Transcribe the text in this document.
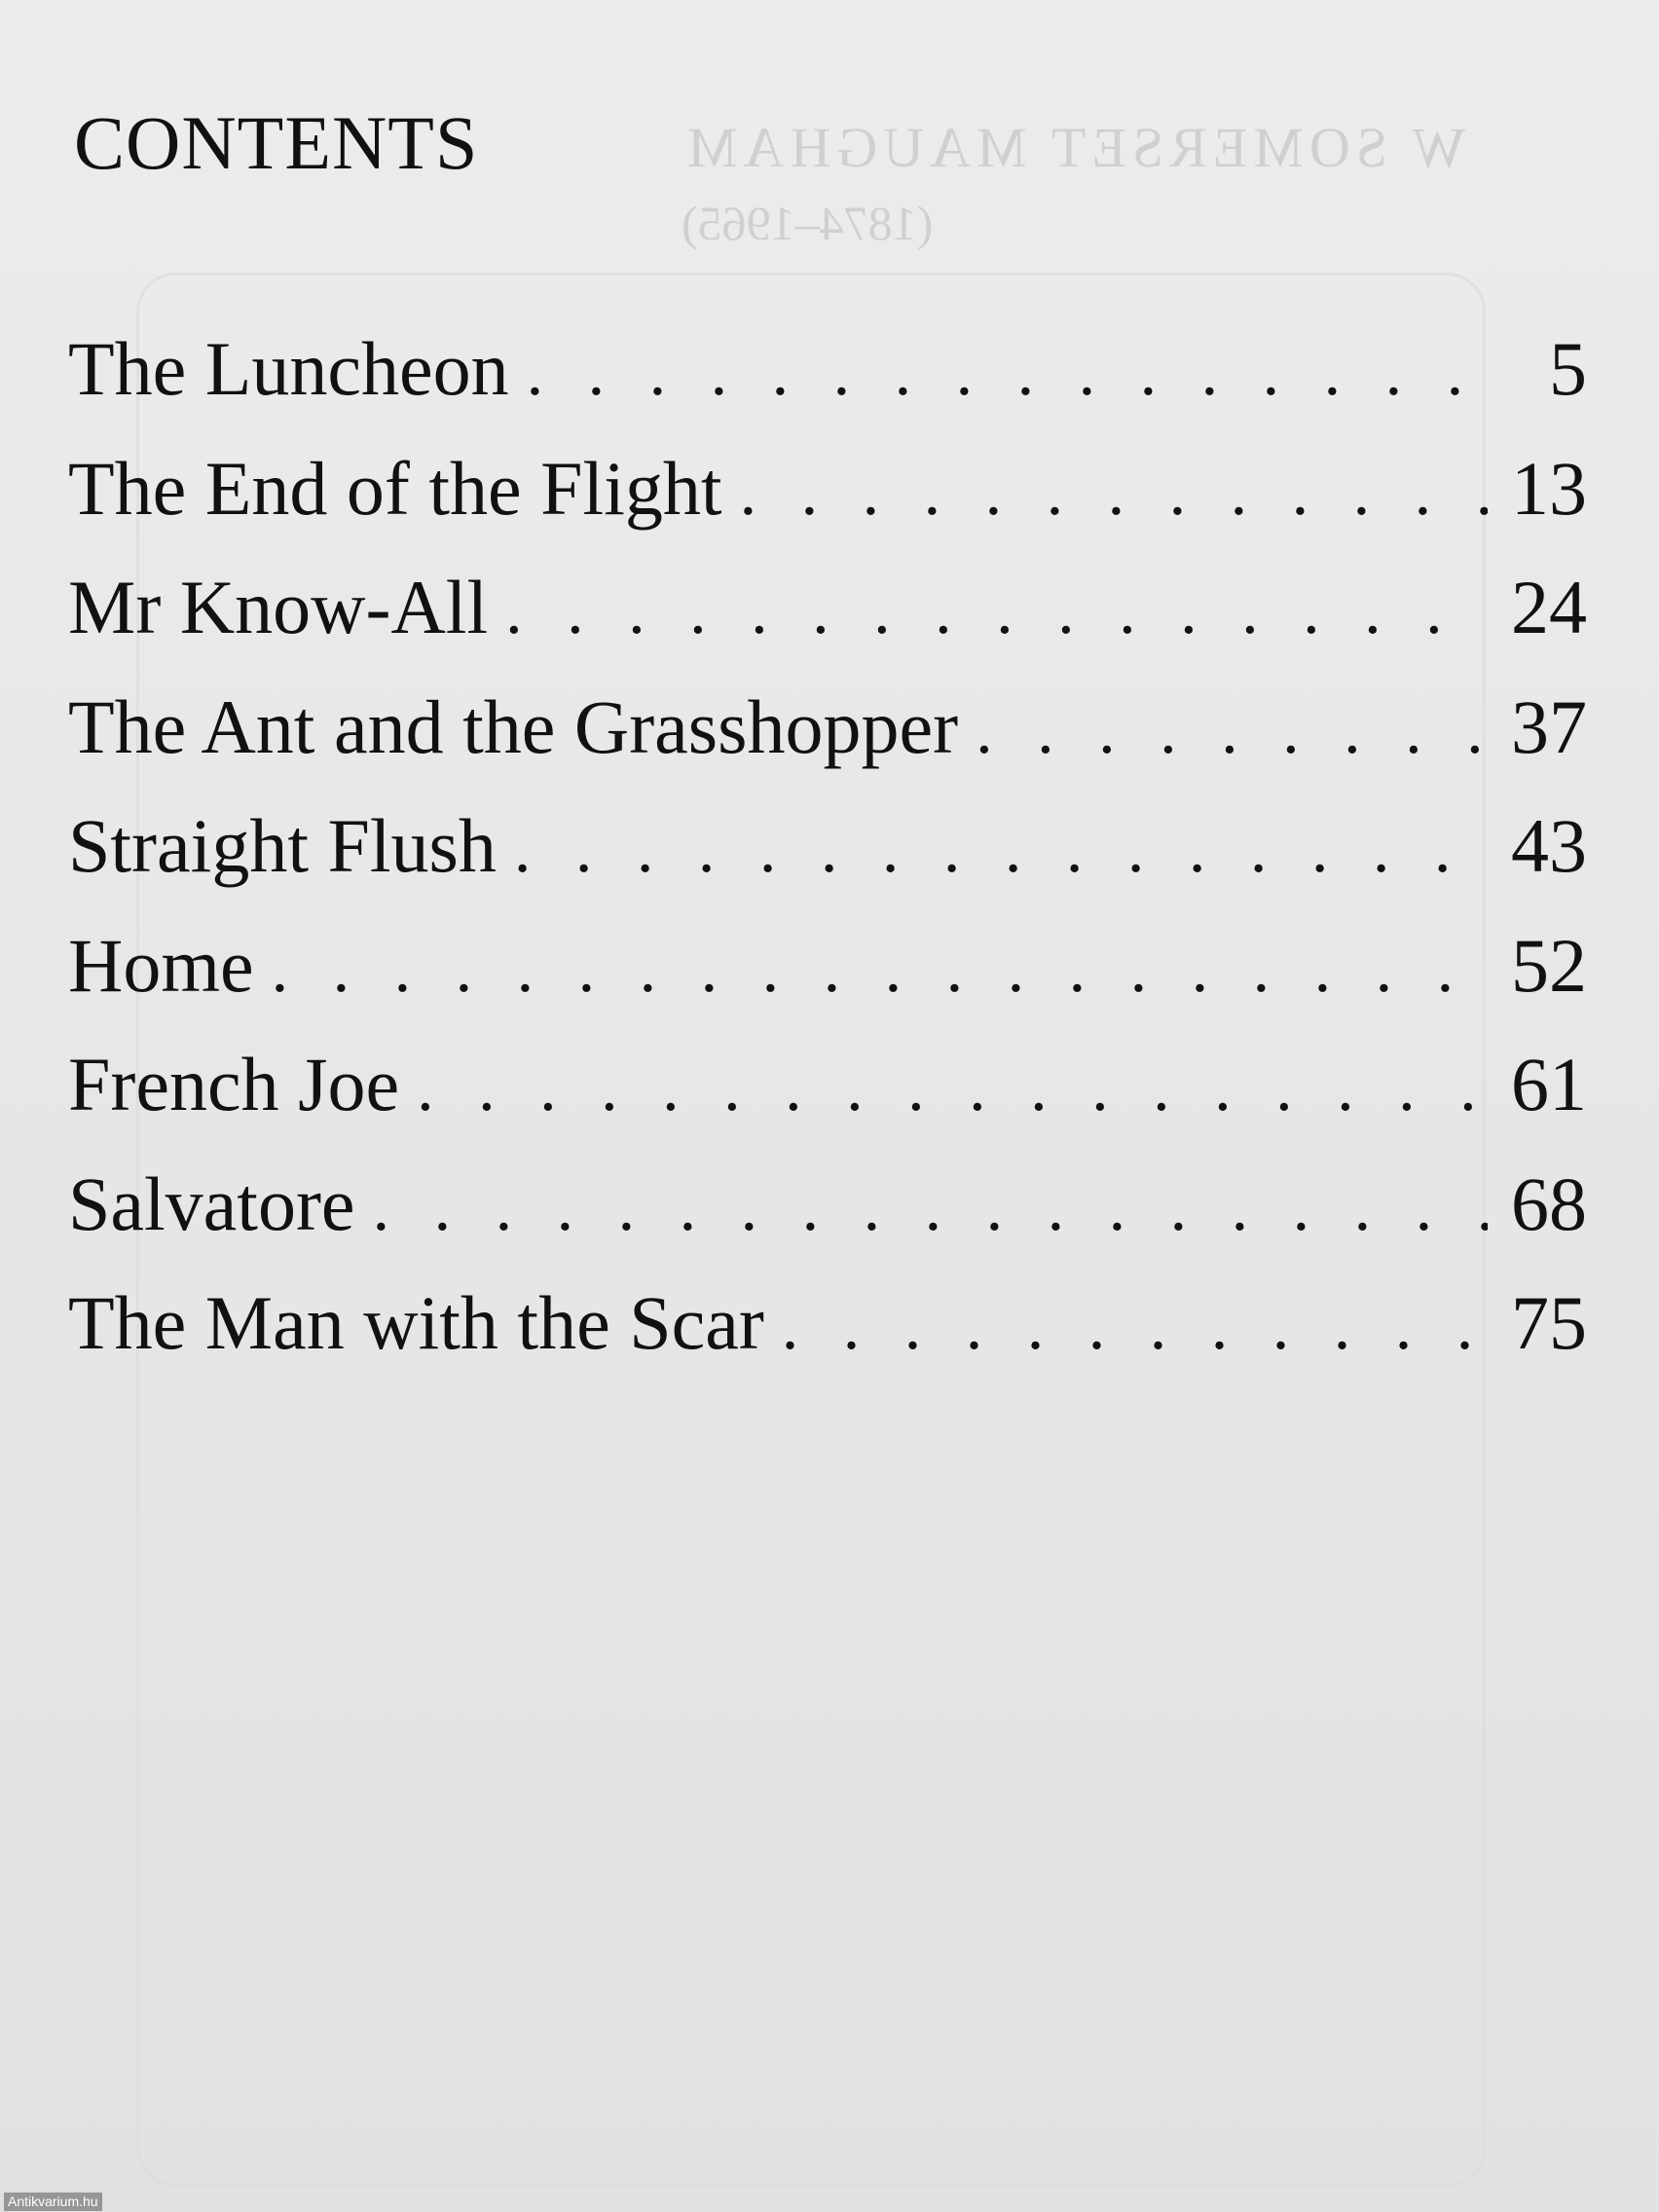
W SOMERSET MAUGHAM
(1874–1965)
CONTENTS
The Luncheon . . .	5
The End of the Flight . . .	13
Mr Know-All . . .	24
The Ant and the Grasshopper . . .	37
Straight Flush . . .	43
Home . . .	52
French Joe . . .	61
Salvatore . . .	68
The Man with the Scar . . .	75
Antikvarium.hu
